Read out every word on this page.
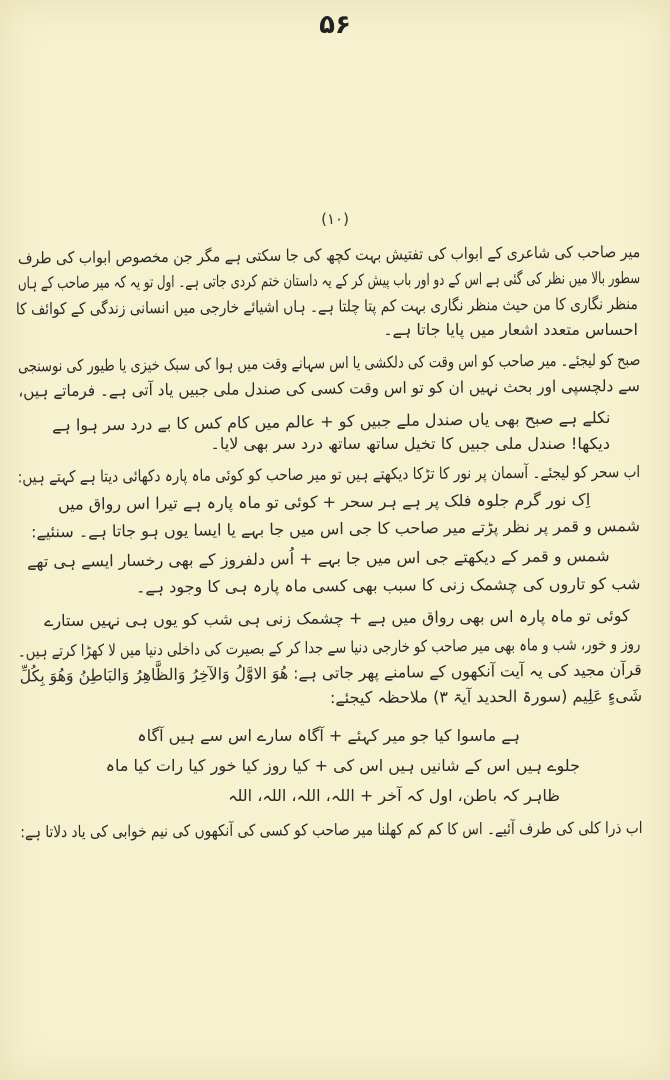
۵۶
(۱۰)
میر صاحب کی شاعری کے ابواب کی تفتیش بہت کچھ کی جا سکتی ہے مگر جن مخصوص ابواب کی طرف
سطور بالا میں نظر کی گئی ہے اس کے دو اور باب پیش کر کے یہ داستان ختم کردی جاتی ہے۔ اول تو یہ کہ میر صاحب کے ہاں
منظر نگاری کا من حیث منظر نگاری بہت کم پتا چلتا ہے۔ ہاں اشیائے خارجی میں انسانی زندگی کے کوائف کا
احساس متعدد اشعار میں پایا جاتا ہے۔
صبح کو لیجئے۔ میر صاحب کو اس وقت کی دلکشی یا اس سہانے وقت میں ہوا کی سبک خیزی یا طیور کی نوسنجی
سے دلچسپی اور بحث نہیں ان کو تو اس وقت کسی کی صندل ملی جبیں یاد آتی ہے۔ فرماتے ہیں،
نکلے ہے صبح بھی یاں صندل ملے جبیں کو + عالم میں کام کس کا بے درد سر ہوا ہے
دیکھا! صندل ملی جبیں کا تخیل ساتھ ساتھ درد سر بھی لایا۔
اب سحر کو لیجئے۔ آسمان پر نور کا تڑکا دیکھتے ہیں تو میر صاحب کو کوئی ماہ پارہ دکھائی دیتا ہے کہتے ہیں:
اِک نور گرم جلوہ فلک پر ہے ہر سحر + کوئی تو ماہ پارہ ہے تیرا اس رواق میں
شمس و قمر پر نظر پڑتے میر صاحب کا جی اس میں جا بہے یا ایسا یوں ہو جاتا ہے۔ سنئیے:
شمس و قمر کے دیکھتے جی اس میں جا بہے + اُس دلفروز کے بھی رخسار ایسے ہی تھے
شب کو تاروں کی چشمک زنی کا سبب بھی کسی ماہ پارہ ہی کا وجود ہے۔
کوئی تو ماہ پارہ اس بھی رواق میں ہے + چشمک زنی ہی شب کو یوں ہی نہیں ستارے
روز و خور، شب و ماہ بھی میر صاحب کو خارجی دنیا سے جدا کر کے بصیرت کی داخلی دنیا میں لا کھڑا کرتے ہیں۔
قرآن مجید کی یہ آیت آنکھوں کے سامنے پھر جاتی ہے: ھُوَ الاوَّلُ وَالآخِرُ وَالظَّاھِرُ وَالبَاطِنُ وَھُوَ بِکُلِّ
شَیءٍ عَلِیم (سورۃ الحدید آیۃ ۳) ملاحظہ کیجئے:
ہے ماسوا کیا جو میر کہئے + آگاہ سارے اس سے ہیں آگاہ
جلوے ہیں اس کے شانیں ہیں اس کی + کیا روز کیا خور کیا رات کیا ماہ
ظاہر کہ باطن، اول کہ آخر + اللہ، اللہ، اللہ، اللہ
اب ذرا کلی کی طرف آئیے۔ اس کا کم کم کھلنا میر صاحب کو کسی کی آنکھوں کی نیم خوابی کی یاد دلاتا ہے:
